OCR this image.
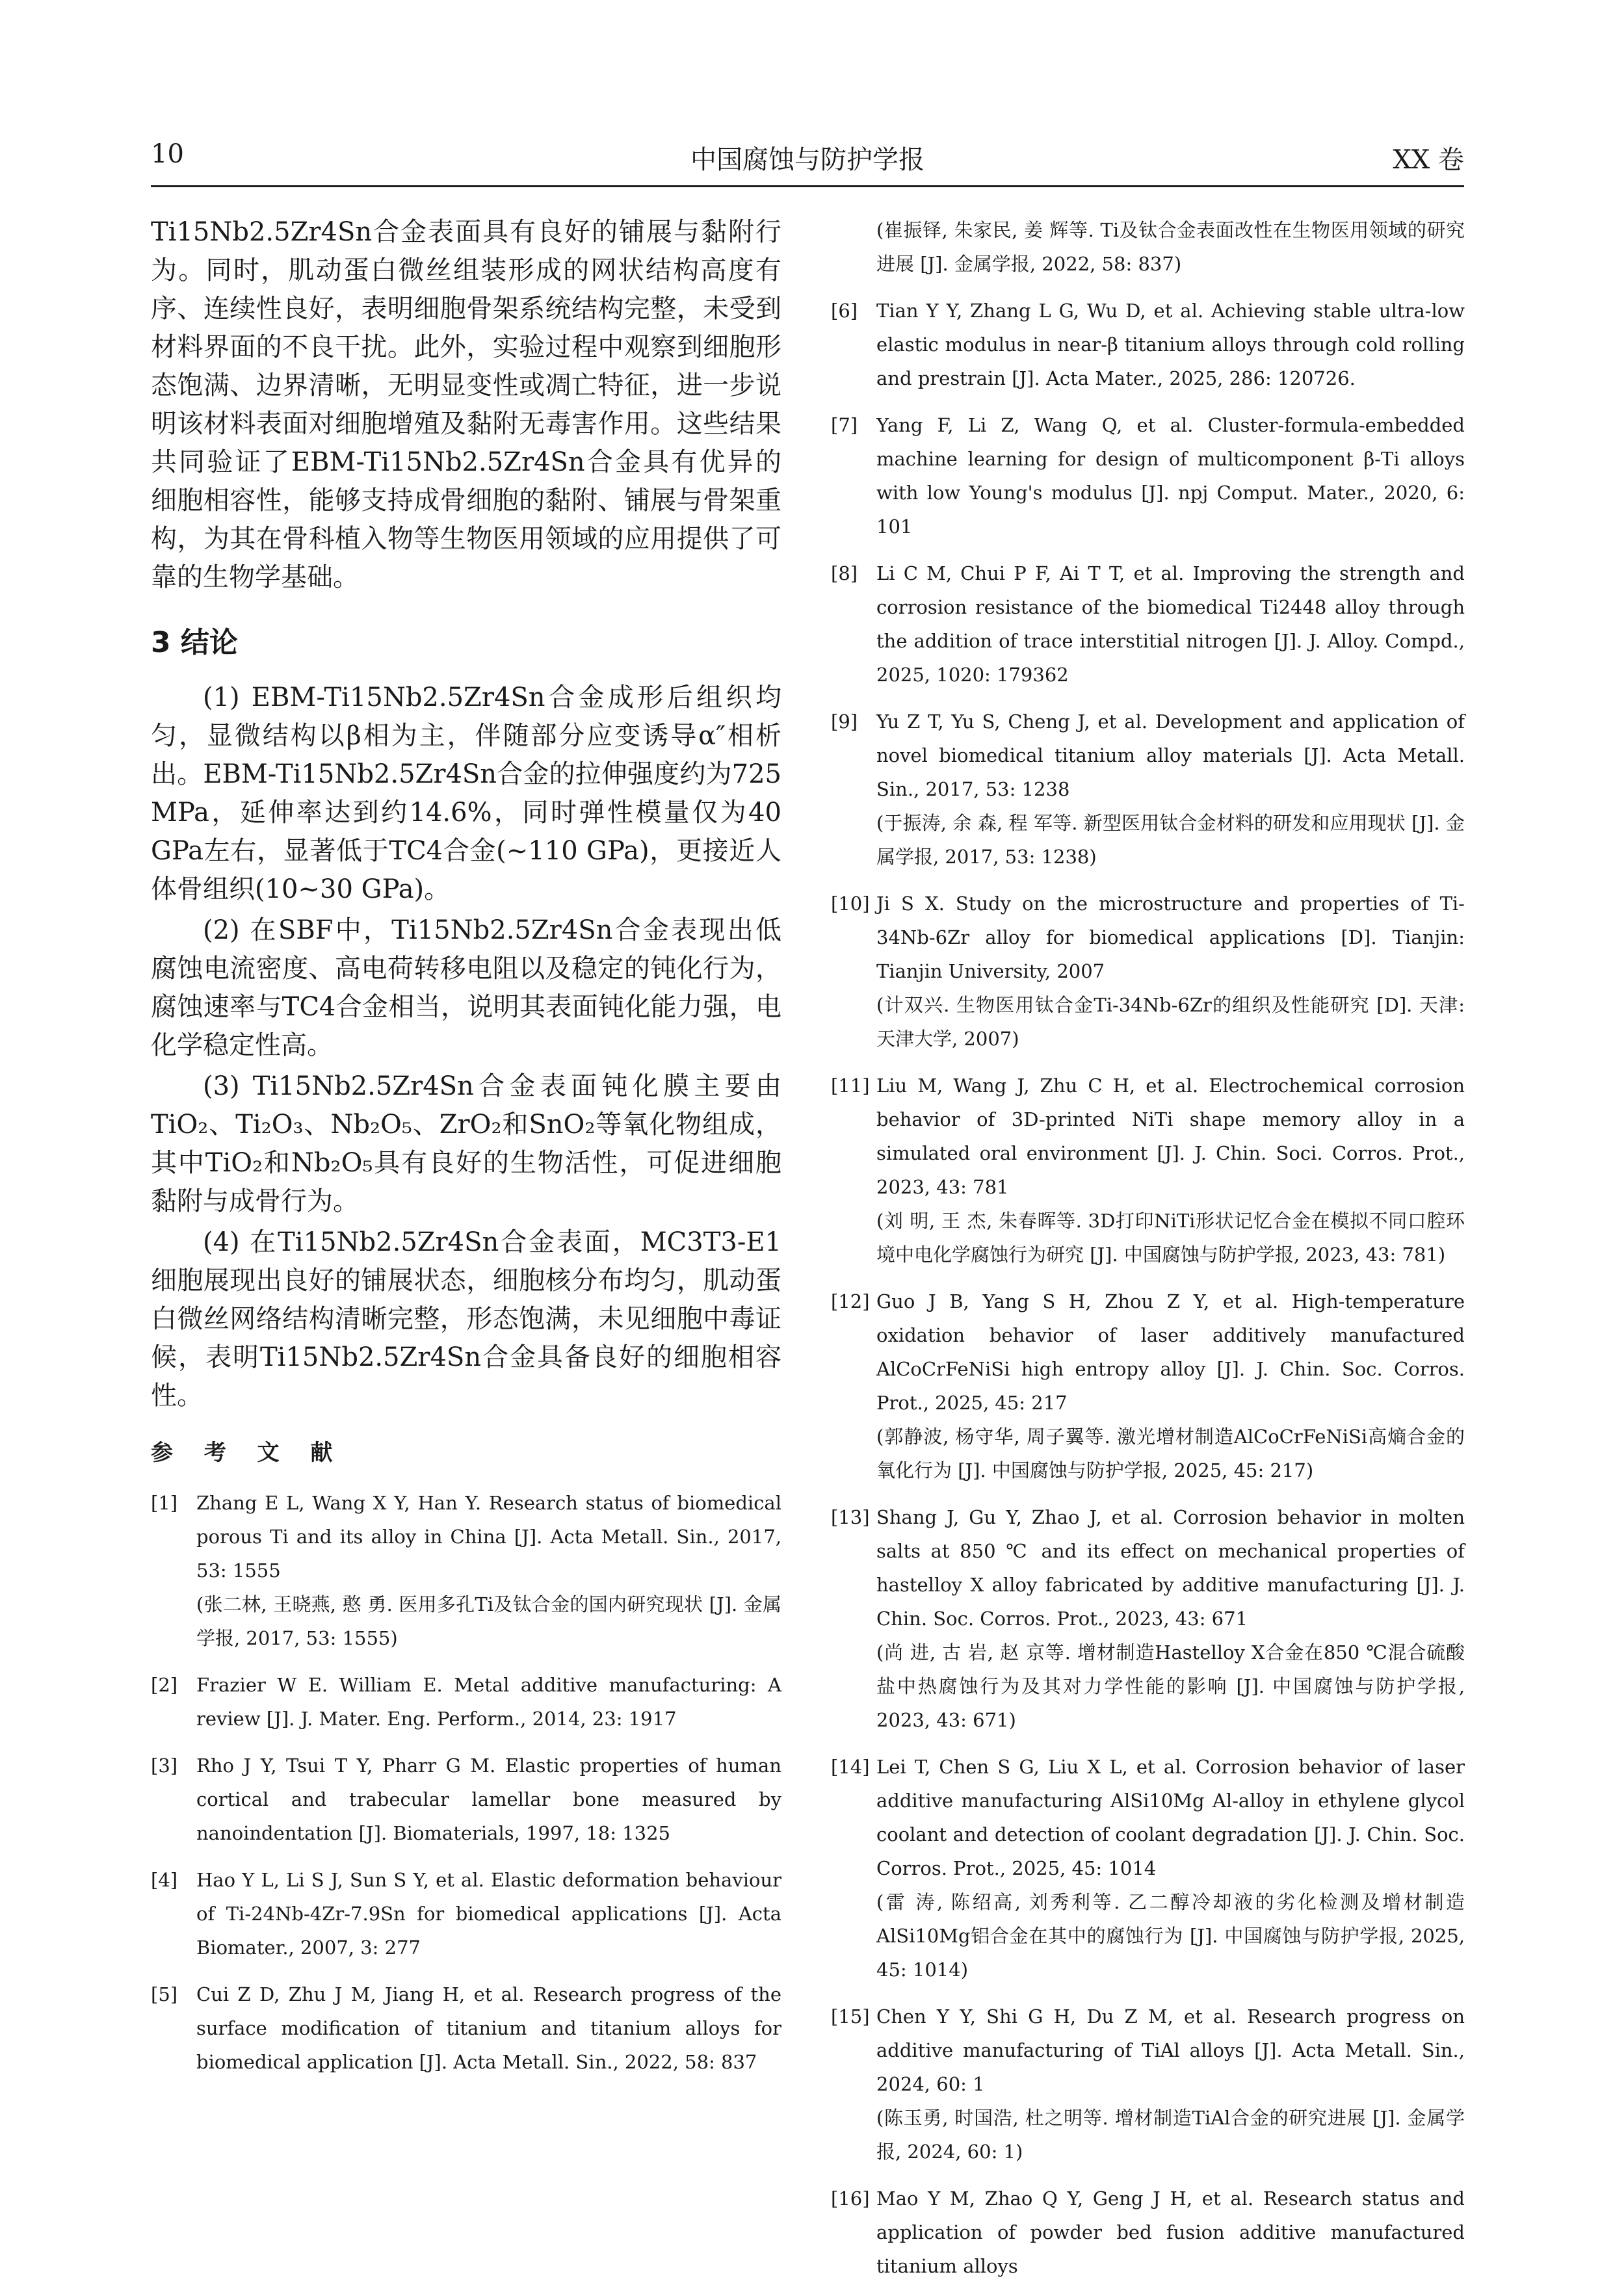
10	中国腐蚀与防护学报	XX 卷

Ti15Nb2.5Zr4Sn合金表面具有良好的铺展与黏附行为。同时，肌动蛋白微丝组装形成的网状结构高度有序、连续性良好，表明细胞骨架系统结构完整，未受到材料界面的不良干扰。此外，实验过程中观察到细胞形态饱满、边界清晰，无明显变性或凋亡特征，进一步说明该材料表面对细胞增殖及黏附无毒害作用。这些结果共同验证了EBM-Ti15Nb2.5Zr4Sn合金具有优异的细胞相容性，能够支持成骨细胞的黏附、铺展与骨架重构，为其在骨科植入物等生物医用领域的应用提供了可靠的生物学基础。

3 结论

(1) EBM-Ti15Nb2.5Zr4Sn合金成形后组织均匀，显微结构以β相为主，伴随部分应变诱导α″相析出。EBM-Ti15Nb2.5Zr4Sn合金的拉伸强度约为725 MPa，延伸率达到约14.6%，同时弹性模量仅为40 GPa左右，显著低于TC4合金(~110 GPa)，更接近人体骨组织(10~30 GPa)。

(2) 在SBF中，Ti15Nb2.5Zr4Sn合金表现出低腐蚀电流密度、高电荷转移电阻以及稳定的钝化行为，腐蚀速率与TC4合金相当，说明其表面钝化能力强，电化学稳定性高。

(3) Ti15Nb2.5Zr4Sn合金表面钝化膜主要由TiO₂、Ti₂O₃、Nb₂O₅、ZrO₂和SnO₂等氧化物组成，其中TiO₂和Nb₂O₅具有良好的生物活性，可促进细胞黏附与成骨行为。

(4) 在Ti15Nb2.5Zr4Sn合金表面，MC3T3-E1细胞展现出良好的铺展状态，细胞核分布均匀，肌动蛋白微丝网络结构清晰完整，形态饱满，未见细胞中毒证候，表明Ti15Nb2.5Zr4Sn合金具备良好的细胞相容性。

参 考 文 献
[1] Zhang E L, Wang X Y, Han Y. Research status of biomedical porous Ti and its alloy in China [J]. Acta Metall. Sin., 2017, 53: 1555
(张二林, 王晓燕, 憨 勇. 医用多孔Ti及钛合金的国内研究现状 [J]. 金属学报, 2017, 53: 1555)
[2] Frazier W E. William E. Metal additive manufacturing: A review [J]. J. Mater. Eng. Perform., 2014, 23: 1917
[3] Rho J Y, Tsui T Y, Pharr G M. Elastic properties of human cortical and trabecular lamellar bone measured by nanoindentation [J]. Biomaterials, 1997, 18: 1325
[4] Hao Y L, Li S J, Sun S Y, et al. Elastic deformation behaviour of Ti-24Nb-4Zr-7.9Sn for biomedical applications [J]. Acta Biomater., 2007, 3: 277
[5] Cui Z D, Zhu J M, Jiang H, et al. Research progress of the surface modification of titanium and titanium alloys for biomedical application [J]. Acta Metall. Sin., 2022, 58: 837
(崔振铎, 朱家民, 姜 辉等. Ti及钛合金表面改性在生物医用领域的研究进展 [J]. 金属学报, 2022, 58: 837)
[6] Tian Y Y, Zhang L G, Wu D, et al. Achieving stable ultra-low elastic modulus in near-β titanium alloys through cold rolling and prestrain [J]. Acta Mater., 2025, 286: 120726.
[7] Yang F, Li Z, Wang Q, et al. Cluster-formula-embedded machine learning for design of multicomponent β-Ti alloys with low Young's modulus [J]. npj Comput. Mater., 2020, 6: 101
[8] Li C M, Chui P F, Ai T T, et al. Improving the strength and corrosion resistance of the biomedical Ti2448 alloy through the addition of trace interstitial nitrogen [J]. J. Alloy. Compd., 2025, 1020: 179362
[9] Yu Z T, Yu S, Cheng J, et al. Development and application of novel biomedical titanium alloy materials [J]. Acta Metall. Sin., 2017, 53: 1238
(于振涛, 余 森, 程 军等. 新型医用钛合金材料的研发和应用现状 [J]. 金属学报, 2017, 53: 1238)
[10] Ji S X. Study on the microstructure and properties of Ti-34Nb-6Zr alloy for biomedical applications [D]. Tianjin: Tianjin University, 2007
(计双兴. 生物医用钛合金Ti-34Nb-6Zr的组织及性能研究 [D]. 天津: 天津大学, 2007)
[11] Liu M, Wang J, Zhu C H, et al. Electrochemical corrosion behavior of 3D-printed NiTi shape memory alloy in a simulated oral environment [J]. J. Chin. Soci. Corros. Prot., 2023, 43: 781
(刘 明, 王 杰, 朱春晖等. 3D打印NiTi形状记忆合金在模拟不同口腔环境中电化学腐蚀行为研究 [J]. 中国腐蚀与防护学报, 2023, 43: 781)
[12] Guo J B, Yang S H, Zhou Z Y, et al. High-temperature oxidation behavior of laser additively manufactured AlCoCrFeNiSi high entropy alloy [J]. J. Chin. Soc. Corros. Prot., 2025, 45: 217
(郭静波, 杨守华, 周子翼等. 激光增材制造AlCoCrFeNiSi高熵合金的氧化行为 [J]. 中国腐蚀与防护学报, 2025, 45: 217)
[13] Shang J, Gu Y, Zhao J, et al. Corrosion behavior in molten salts at 850 ℃ and its effect on mechanical properties of hastelloy X alloy fabricated by additive manufacturing [J]. J. Chin. Soc. Corros. Prot., 2023, 43: 671
(尚 进, 古 岩, 赵 京等. 增材制造Hastelloy X合金在850 ℃混合硫酸盐中热腐蚀行为及其对力学性能的影响 [J]. 中国腐蚀与防护学报, 2023, 43: 671)
[14] Lei T, Chen S G, Liu X L, et al. Corrosion behavior of laser additive manufacturing AlSi10Mg Al-alloy in ethylene glycol coolant and detection of coolant degradation [J]. J. Chin. Soc. Corros. Prot., 2025, 45: 1014
(雷 涛, 陈绍高, 刘秀利等. 乙二醇冷却液的劣化检测及增材制造AlSi10Mg铝合金在其中的腐蚀行为 [J]. 中国腐蚀与防护学报, 2025, 45: 1014)
[15] Chen Y Y, Shi G H, Du Z M, et al. Research progress on additive manufacturing of TiAl alloys [J]. Acta Metall. Sin., 2024, 60: 1
(陈玉勇, 时国浩, 杜之明等. 增材制造TiAl合金的研究进展 [J]. 金属学报, 2024, 60: 1)
[16] Mao Y M, Zhao Q Y, Geng J H, et al. Research status and application of powder bed fusion additive manufactured titanium alloys
